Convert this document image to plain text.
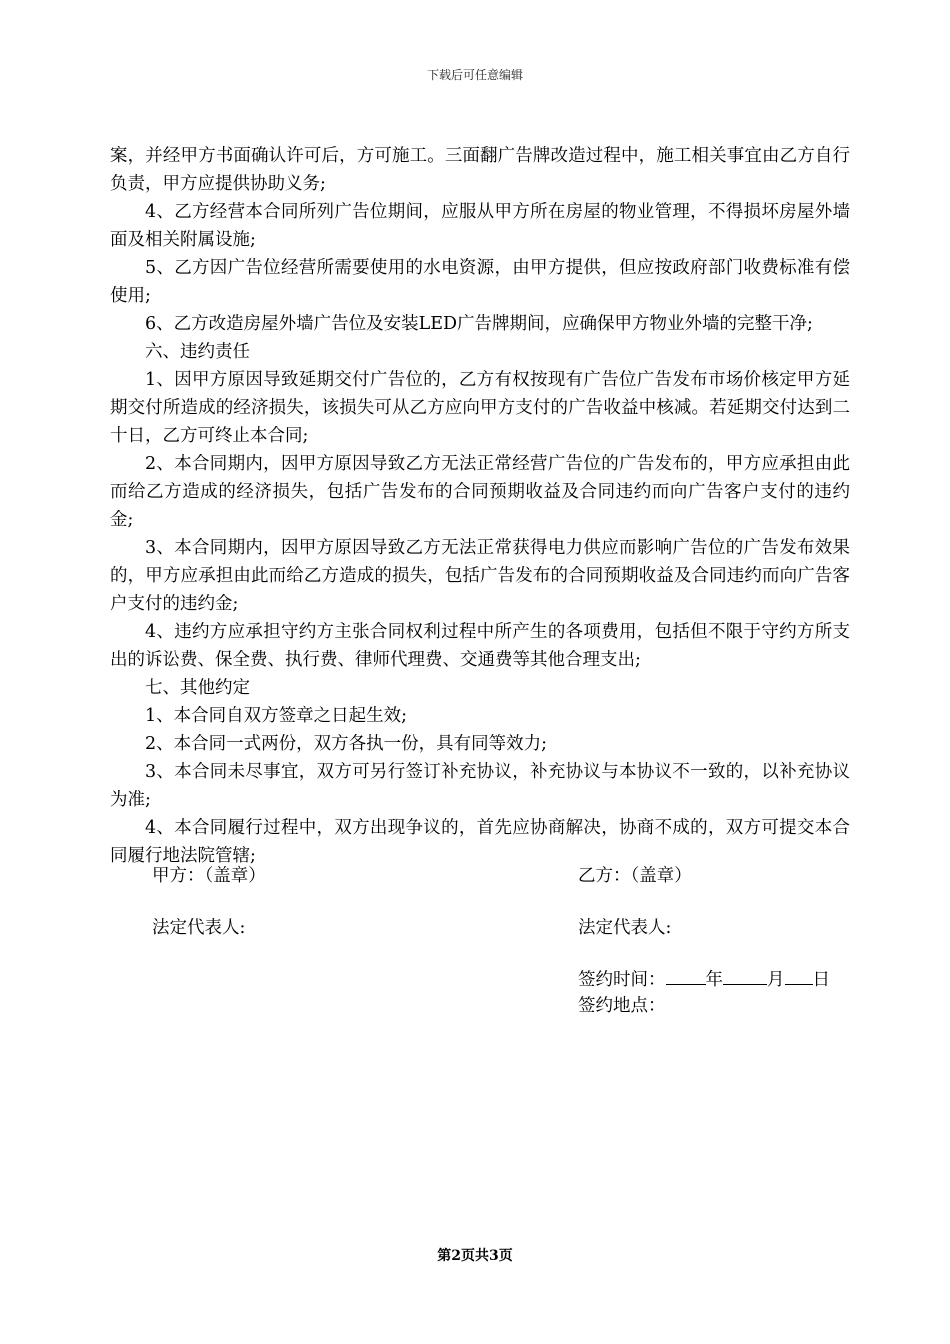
下载后可任意编辑

案，并经甲方书面确认许可后，方可施工。三面翻广告牌改造过程中，施工相关事宜由乙方自行负责，甲方应提供协助义务;

4、乙方经营本合同所列广告位期间，应服从甲方所在房屋的物业管理，不得损坏房屋外墙面及相关附属设施;

5、乙方因广告位经营所需要使用的水电资源，由甲方提供，但应按政府部门收费标准有偿使用;

6、乙方改造房屋外墙广告位及安装LED广告牌期间，应确保甲方物业外墙的完整干净;

六、违约责任

1、因甲方原因导致延期交付广告位的，乙方有权按现有广告位广告发布市场价核定甲方延期交付所造成的经济损失，该损失可从乙方应向甲方支付的广告收益中核减。若延期交付达到二十日，乙方可终止本合同;

2、本合同期内，因甲方原因导致乙方无法正常经营广告位的广告发布的，甲方应承担由此而给乙方造成的经济损失，包括广告发布的合同预期收益及合同违约而向广告客户支付的违约金;

3、本合同期内，因甲方原因导致乙方无法正常获得电力供应而影响广告位的广告发布效果的，甲方应承担由此而给乙方造成的损失，包括广告发布的合同预期收益及合同违约而向广告客户支付的违约金;

4、违约方应承担守约方主张合同权利过程中所产生的各项费用，包括但不限于守约方所支出的诉讼费、保全费、执行费、律师代理费、交通费等其他合理支出;

七、其他约定

1、本合同自双方签章之日起生效;

2、本合同一式两份，双方各执一份，具有同等效力;

3、本合同未尽事宜，双方可另行签订补充协议，补充协议与本协议不一致的，以补充协议为准;

4、本合同履行过程中，双方出现争议的，首先应协商解决，协商不成的，双方可提交本合同履行地法院管辖;

甲方：（盖章）	乙方：（盖章）
法定代表人:	法定代表人:
签约时间： 年	月 日
签约地点：
第2页共3页
